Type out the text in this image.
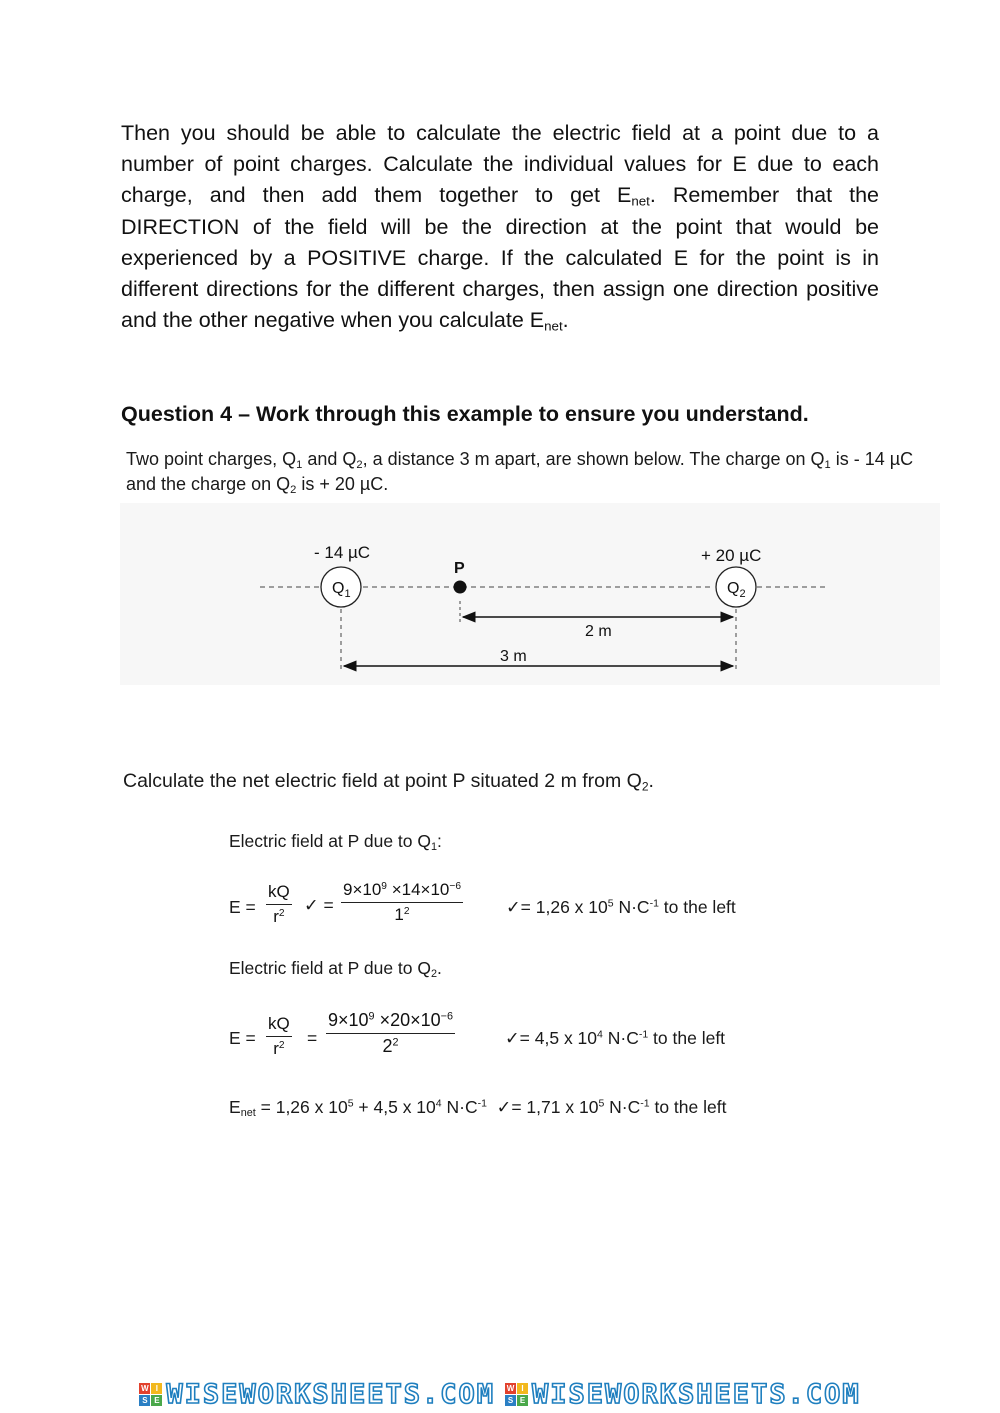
Then you should be able to calculate the electric field at a point due to a number of point charges. Calculate the individual values for E due to each charge, and then add them together to get $E_{net}$. Remember that the DIRECTION of the field will be the direction at the point that would be experienced by a POSITIVE charge. If the calculated E for the point is in different directions for the different charges, then assign one direction positive and the other negative when you calculate $E_{net}$.

Question 4 – Work through this example to ensure you understand.

Two point charges, $Q_1$ and $Q_2$, a distance 3 m apart, are shown below. The charge on $Q_1$ is - 14 µC and the charge on $Q_2$ is + 20 µC.

$Q_1$	$Q_2$
- 14 µC	+ 20 µC
P
2 m
3 m

Calculate the net electric field at point P situated 2 m from $Q_2$.

Electric field at P due to $Q_1$:
$E = \frac{kQ}{r^2}$ ✓ = $\frac{9\times 10^9 \times 14\times 10^{-6}}{1^2}$ ✓= 1,26 x $10^5$ $N\cdot C^{-1}$ to the left
Electric field at P due to $Q_2$.
$E = \frac{kQ}{r^2} = \frac{9\times 10^9 \times 20\times 10^{-6}}{2^2}$	✓= 4,5 x $10^4$ $N\cdot C^{-1}$ to the left
$E_{net} = 1,26$ x $10^5 + 4,5$ x $10^4$ $N\cdot C^{-1}$ ✓= 1,71 x $10^5$ $N\cdot C^{-1}$ to the left
W I
S E WISEWORKSHEETS.COM W I
S E WISEWORKSHEETS.COM
